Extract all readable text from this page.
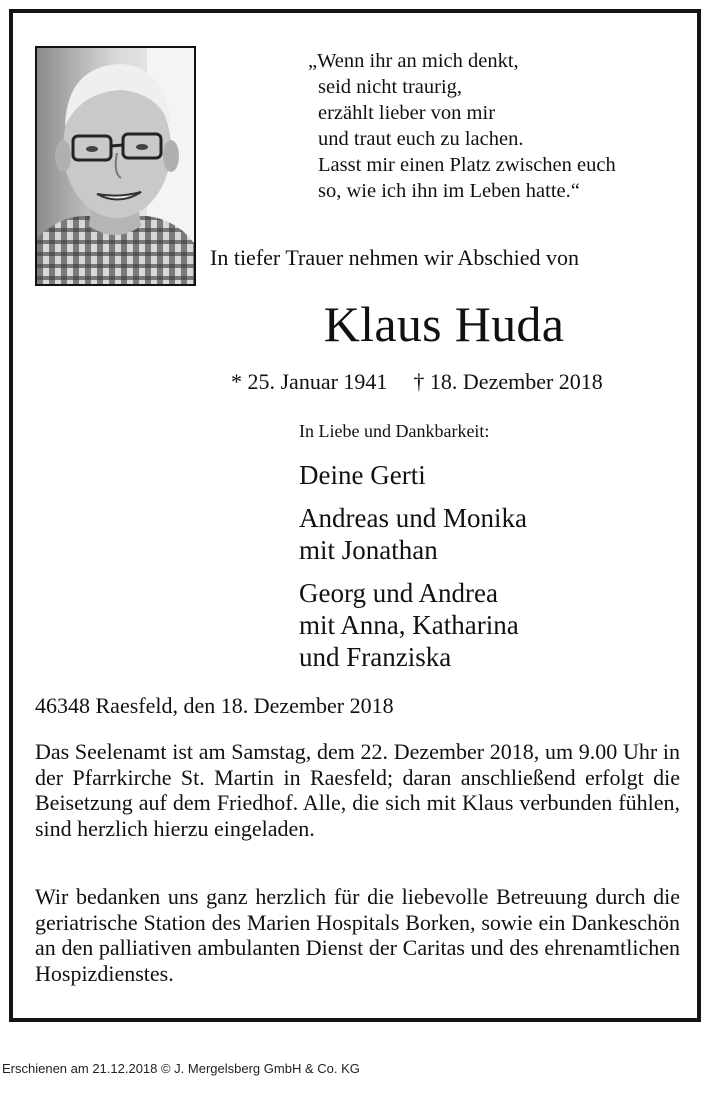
„Wenn ihr an mich denkt,
seid nicht traurig,
erzählt lieber von mir
und traut euch zu lachen.
Lasst mir einen Platz zwischen euch
so, wie ich ihn im Leben hatte.“
In tiefer Trauer nehmen wir Abschied von
Klaus Huda
* 25. Januar 1941 † 18. Dezember 2018
In Liebe und Dankbarkeit:
Deine Gerti
Andreas und Monika
mit Jonathan
Georg und Andrea
mit Anna, Katharina
und Franziska
46348 Raesfeld, den 18. Dezember 2018
Das Seelenamt ist am Samstag, dem 22. Dezember 2018, um 9.00 Uhr in der Pfarrkirche St. Martin in Raesfeld; daran anschließend erfolgt die Beisetzung auf dem Friedhof. Alle, die sich mit Klaus verbunden fühlen, sind herzlich hierzu eingeladen.
Wir bedanken uns ganz herzlich für die liebevolle Betreuung durch die geriatrische Station des Marien Hospitals Borken, sowie ein Dankeschön an den palliativen ambulanten Dienst der Caritas und des ehrenamtlichen Hospizdienstes.
Erschienen am 21.12.2018 © J. Mergelsberg GmbH & Co. KG
